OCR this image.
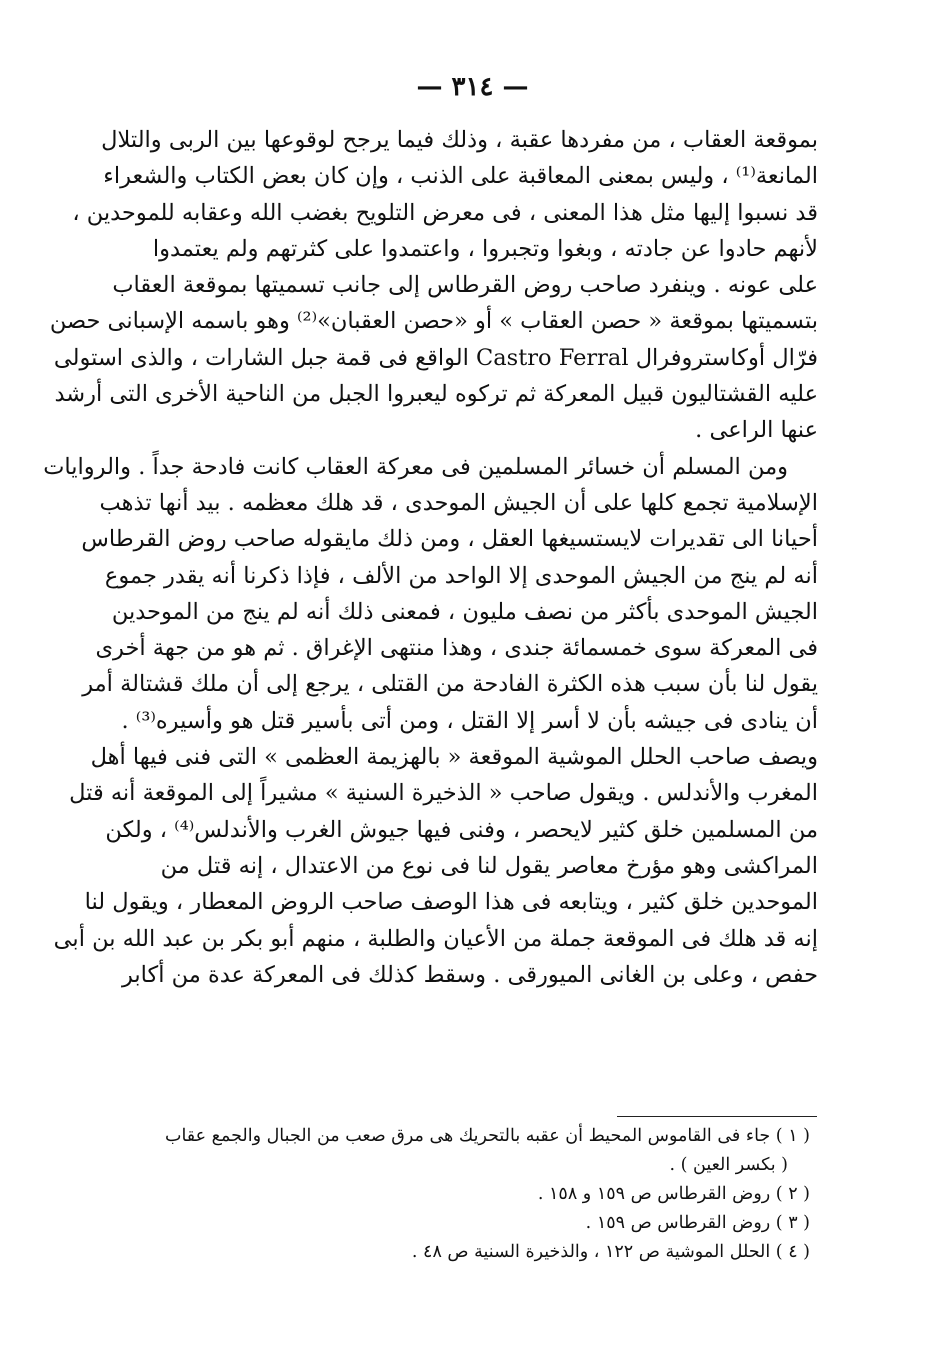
— ٣١٤ —
بموقعة العقاب ، من مفردها عقبة ، وذلك فيما يرجح لوقوعها بين الربى والتلال
المانعة⁽¹⁾ ، وليس بمعنى المعاقبة على الذنب ، وإن كان بعض الكتاب والشعراء
قد نسبوا إليها مثل هذا المعنى ، فى معرض التلويح بغضب الله وعقابه للموحدين ،
لأنهم حادوا عن جادته ، وبغوا وتجبروا ، واعتمدوا على كثرتهم ولم يعتمدوا
على عونه . وينفرد صاحب روض القرطاس إلى جانب تسميتها بموقعة العقاب
بتسميتها بموقعة « حصن العقاب » أو «حصن العقبان»⁽²⁾ وهو باسمه الإسبانى حصن
فرّال أوكاستروفرال Castro Ferral الواقع فى قمة جبل الشارات ، والذى استولى
عليه القشتاليون قبيل المعركة ثم تركوه ليعبروا الجبل من الناحية الأخرى التى أرشد
عنها الراعى .
ومن المسلم أن خسائر المسلمين فى معركة العقاب كانت فادحة جداً . والروايات
الإسلامية تجمع كلها على أن الجيش الموحدى ، قد هلك معظمه . بيد أنها تذهب
أحيانا الى تقديرات لايستسيغها العقل ، ومن ذلك مايقوله صاحب روض القرطاس
أنه لم ينج من الجيش الموحدى إلا الواحد من الألف ، فإذا ذكرنا أنه يقدر جموع
الجيش الموحدى بأكثر من نصف مليون ، فمعنى ذلك أنه لم ينج من الموحدين
فى المعركة سوى خمسمائة جندى ، وهذا منتهى الإغراق . ثم هو من جهة أخرى
يقول لنا بأن سبب هذه الكثرة الفادحة من القتلى ، يرجع إلى أن ملك قشتالة أمر
أن ينادى فى جيشه بأن لا أسر إلا القتل ، ومن أتى بأسير قتل هو وأسيره⁽³⁾ .
ويصف صاحب الحلل الموشية الموقعة « بالهزيمة العظمى » التى فنى فيها أهل
المغرب والأندلس . ويقول صاحب « الذخيرة السنية » مشيراً إلى الموقعة أنه قتل
من المسلمين خلق كثير لايحصر ، وفنى فيها جيوش الغرب والأندلس⁽⁴⁾ ، ولكن
المراكشى وهو مؤرخ معاصر يقول لنا فى نوع من الاعتدال ، إنه قتل من
الموحدين خلق كثير ، ويتابعه فى هذا الوصف صاحب الروض المعطار ، ويقول لنا
إنه قد هلك فى الموقعة جملة من الأعيان والطلبة ، منهم أبو بكر بن عبد الله بن أبى
حفص ، وعلى بن الغانى الميورقى . وسقط كذلك فى المعركة عدة من أكابر
( ١ ) جاء فى القاموس المحيط أن عقبه بالتحريك هى مرق صعب من الجبال والجمع عقاب
( بكسر العين ) .
( ٢ ) روض القرطاس ص ١٥٩ و ١٥٨ .
( ٣ ) روض القرطاس ص ١٥٩ .
( ٤ ) الحلل الموشية ص ١٢٢ ، والذخيرة السنية ص ٤٨ .
